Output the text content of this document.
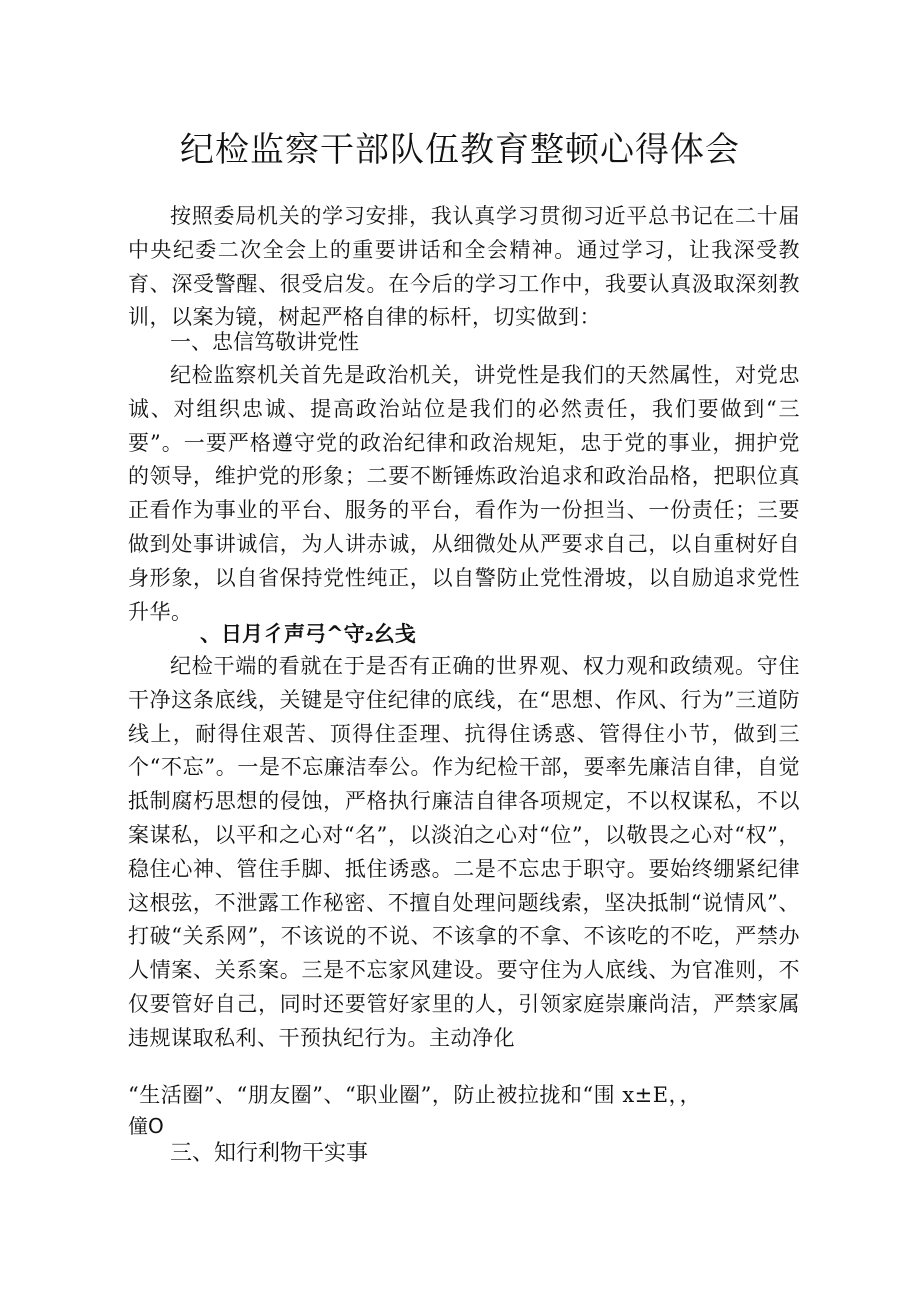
纪检监察干部队伍教育整顿心得体会

按照委局机关的学习安排，我认真学习贯彻习近平总书记在二十届中央纪委二次全会上的重要讲话和全会精神。通过学习，让我深受教育、深受警醒、很受启发。在今后的学习工作中，我要认真汲取深刻教训，以案为镜，树起严格自律的标杆，切实做到：

一、忠信笃敬讲党性

纪检监察机关首先是政治机关，讲党性是我们的天然属性，对党忠诚、对组织忠诚、提高政治站位是我们的必然责任，我们要做到“三要”。一要严格遵守党的政治纪律和政治规矩，忠于党的事业，拥护党的领导，维护党的形象；二要不断锤炼政治追求和政治品格，把职位真正看作为事业的平台、服务的平台，看作为一份担当、一份责任；三要做到处事讲诚信，为人讲赤诚，从细微处从严要求自己，以自重树好自身形象，以自省保持党性纯正，以自警防止党性滑坡，以自励追求党性升华。

、日月彳声弓^守₂幺戋

纪检干端的看就在于是否有正确的世界观、权力观和政绩观。守住干净这条底线，关键是守住纪律的底线，在“思想、作风、行为”三道防线上，耐得住艰苦、顶得住歪理、抗得住诱惑、管得住小节，做到三个“不忘”。一是不忘廉洁奉公。作为纪检干部，要率先廉洁自律，自觉抵制腐朽思想的侵蚀，严格执行廉洁自律各项规定，不以权谋私，不以案谋私，以平和之心对“名”，以淡泊之心对“位”，以敬畏之心对“权”，稳住心神、管住手脚、抵住诱惑。二是不忘忠于职守。要始终绷紧纪律这根弦，不泄露工作秘密、不擅自处理问题线索，坚决抵制“说情风”、打破“关系网”，不该说的不说、不该拿的不拿、不该吃的不吃，严禁办人情案、关系案。三是不忘家风建设。要守住为人底线、为官准则，不仅要管好自己，同时还要管好家里的人，引领家庭崇廉尚洁，严禁家属违规谋取私利、干预执纪行为。主动净化

“生活圈”、“朋友圈”、“职业圈”，防止被拉拢和“围 x±E，，

僮O
三、知行利物干实事
